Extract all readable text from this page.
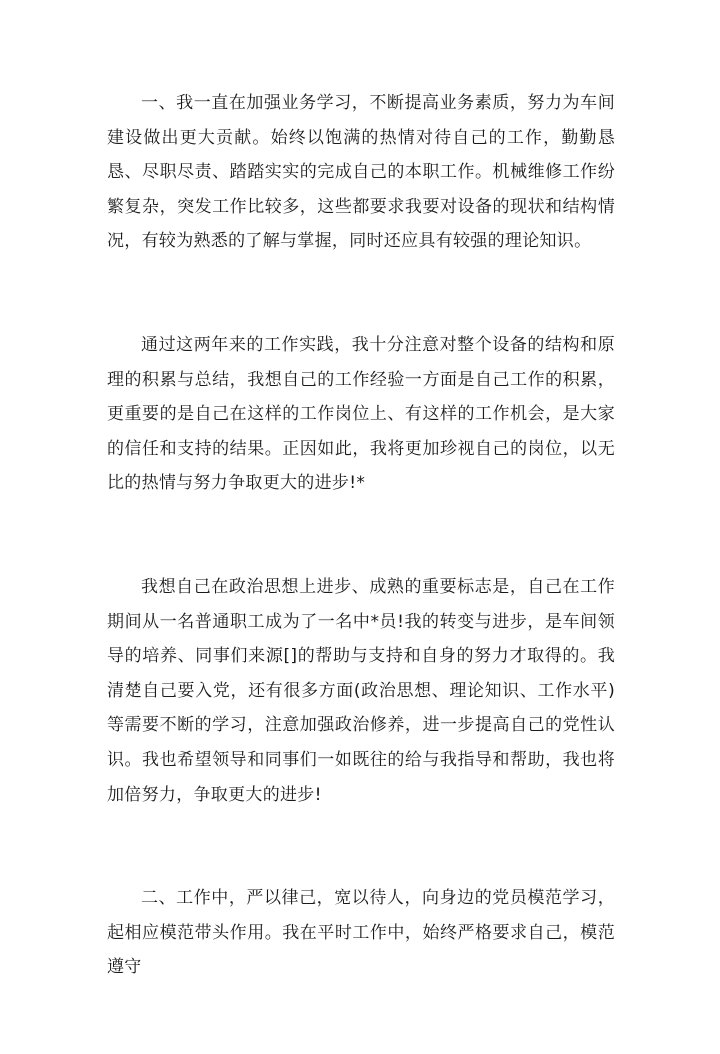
一、我一直在加强业务学习，不断提高业务素质，努力为车间建设做出更大贡献。始终以饱满的热情对待自己的工作，勤勤恳恳、尽职尽责、踏踏实实的完成自己的本职工作。机械维修工作纷繁复杂，突发工作比较多，这些都要求我要对设备的现状和结构情况，有较为熟悉的了解与掌握，同时还应具有较强的理论知识。

通过这两年来的工作实践，我十分注意对整个设备的结构和原理的积累与总结，我想自己的工作经验一方面是自己工作的积累，更重要的是自己在这样的工作岗位上、有这样的工作机会，是大家的信任和支持的结果。正因如此，我将更加珍视自己的岗位，以无比的热情与努力争取更大的进步!*

我想自己在政治思想上进步、成熟的重要标志是，自己在工作期间从一名普通职工成为了一名中*员!我的转变与进步，是车间领导的培养、同事们来源[]的帮助与支持和自身的努力才取得的。我清楚自己要入党，还有很多方面(政治思想、理论知识、工作水平)等需要不断的学习，注意加强政治修养，进一步提高自己的党性认识。我也希望领导和同事们一如既往的给与我指导和帮助，我也将加倍努力，争取更大的进步!

二、工作中，严以律己，宽以待人，向身边的党员模范学习，起相应模范带头作用。我在平时工作中，始终严格要求自己，模范遵守
